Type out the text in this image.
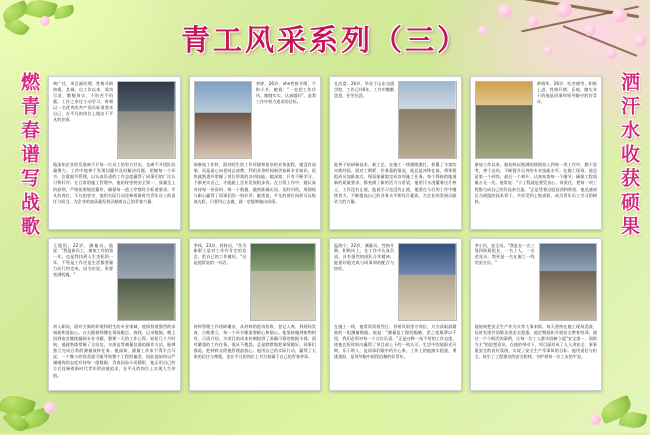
青工风采系列（三）
燃青春谱写战歌	洒汗水收获硕果
黄广任，项目副经理，性格开朗热情。其诚，自工作以来，爱岗尽责，勤勉务实，不怕苦不怕累，工作之余还主动学习，时刻以一名优秀的共产党员标准要求自己，在平凡的岗位上做出不平凡的业绩。
他深知企业的发展离不开每一位员工的努力付出，也离不开团队的凝聚力。工作中他善于发现问题并及时解决问题，把握每一个环节，注重细节管理，以认真负责的工作态度赢得了同事们的广泛认可和好评。在日常的施工管理中，他始终坚持安全第一、质量至上的原则，严格按照规范操作，确保每一道工序都符合标准要求。平凡的岗位，不凡的坚守，他用实际行动诠释着新时代青年员工的责任与担当，为企业的高质量发展贡献着自己的青春力量。
李婷，26岁，she性格开朗，不拘小节，她说："一直把工作作风、踏踏实实、认真做好"，是我工作中努力追求的目标。
刚参加工作时，面对陌生的工作环境和复杂的业务流程，她没有退缩，而是虚心向老同志请教，利用业余时间刻苦钻研专业知识，很快就熟悉并掌握了岗位所需的各项技能。她深知，只有不断学习、不断充实自己，才能跟上企业发展的步伐。在日常工作中，她认真对待每一份资料、每一个数据，做到准确无误、及时归档，用细致与耐心赢得了同事们的一致好评。她常说，平凡的岗位同样可以绽放光彩，只要用心去做，就一定能够做出成绩。
孔庆富，26岁，毕业于山东交通学院，工作已经6年，工作中勤勤恳恳、任劳任怨。
他善于钻研新技术、新工艺，在施工一线摸爬滚打，积累了丰富的实践经验。面对工期紧、任务重的情况，他总是冲锋在前，带领班组成员加班加点，保质保量地完成各项施工任务。每个焊接的地道新的质量要求，都充满了新的活力与希望，他用汗水浇灌着这片热土。工作没有止境，他说学习也没有止境，他要在今后的工作中继续努力，不断提高自己的业务水平和综合素质，为企业的发展贡献更大的力量。
黄瑞华，26岁，吃苦耐劳，积极上进，性格开朗、乐观，踏实肯干的他是同事和领导眼中的好青年。
参加工作以来，他始终以饱满的热情投入到每一项工作中，勤于思考，善于总结，不断提升自身的专业技能水平。在施工现场，他总是第一个到岗、最后一个离开，认真检查每一个细节，确保工程质量万无一失。他常说："干工程就是要凭良心、讲责任，把每一项工程都当成自己的作品来打造。"正是凭着这股钻劲和韧劲，他迅速成长为班组的技术骨干，多次受到上级表彰，成为青年员工学习的榜样。
王俊恒，22岁，测量员。他说："我是新员工，参加工作的第一年，也是我找到人生坐标的一年，不管是工作还是生活都要量力而行的完成，因为年轻，更要充满机遇。"
初入职场，面对全新的环境和陌生的专业领域，他保持着强烈的求知欲和进取心。白天跟着师傅在现场跑点、放线、记录数据，晚上回到宿舍继续翻阅专业书籍，整理一天的工作心得。短短几个月时间，他就熟练掌握了全站仪、水准仪等测量仪器的操作方法，能够独立完成日常的测量放样任务。他深知，测量工作来不得半点马虎，一个微小的误差就可能导致整个工程的偏差，因此他始终以严谨细致的态度对待每一组数据。青春因奋斗而精彩，他正用自己的方式诠释着新时代青年的价值追求，在平凡的岗位上实现人生价值。
李伟，23岁，材料员。"作为新职工是对工作有肯定的信念，把自己的工作做好。"这是他常说的一句话。
材料管理工作琐碎繁杂，从材料的进场验收、登记入库，到现场发放、台账建立，每一个环节都需要耐心和细心。他坚持做到账物相符、日清月结，为项目的成本控制提供了准确可靠的数据支撑。面对繁重的工作任务，他从不抱怨，总是默默地把事情做好。同事们都说，把材料交给他管理最放心。他用自己的实际行动，赢得了大家的信任与尊重，也在平凡的岗位上书写着属于自己的青春华章。
温海宁，22岁，测量员。性格开朗，积极向上，在工作中认真负责，具有强烈的团队合作精神，能很好地完成与同事间的配合与协作。
在施工一线，他常常顶着烈日、冒着风雨坚守岗位，只为获取最精准的一组测量数据。他说："测量是工程的眼睛，差之毫厘谬以千里，我们必须对每一个点位负责。"正是这种一丝不苟的工作态度，使他在短时间内赢得了项目部上下的一致认可。生活中的他阳光开朗，乐于助人，是同事们眼中的开心果。工作上的他踏实稳重，勇挑重担，是领导眼中值得信赖的好青年。
李小民，安全员。"我是在一名三级四防班组长，一名工人，一名老党员，我更是一名在施工一线的安全员。"
他始终把安全生产作为头等大事来抓，每天坚持在施工现场巡查，及时发现并消除各类安全隐患。他定期组织开展安全教育培训，通过一个个鲜活的案例，让每一位工人都牢固树立起"安全第一、预防为主"的思想意识。在他的带动下，项目部形成了人人讲安全、事事重安全的良好氛围，实现了安全生产零事故的目标。他用责任与担当，筑牢了工程建设的安全防线，守护着每一位工友的平安。
